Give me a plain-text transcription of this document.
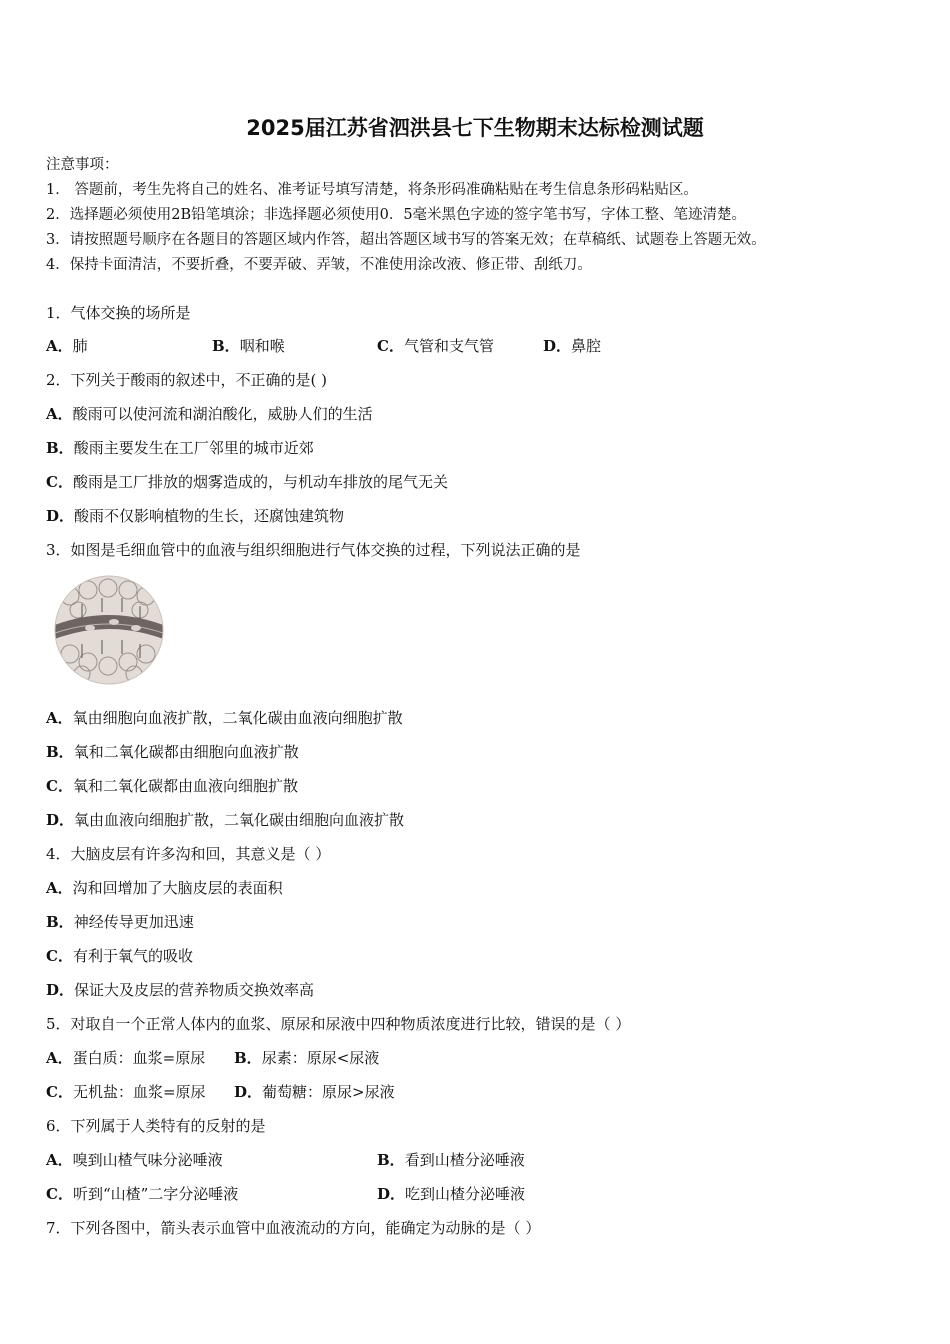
2025届江苏省泗洪县七下生物期末达标检测试题
注意事项：
1． 答题前，考生先将自己的姓名、准考证号填写清楚，将条形码准确粘贴在考生信息条形码粘贴区。
2．选择题必须使用2B铅笔填涂；非选择题必须使用0．5毫米黑色字迹的签字笔书写，字体工整、笔迹清楚。
3．请按照题号顺序在各题目的答题区域内作答，超出答题区域书写的答案无效；在草稿纸、试题卷上答题无效。
4．保持卡面清洁，不要折叠，不要弄破、弄皱，不准使用涂改液、修正带、刮纸刀。
1．气体交换的场所是
A．肺	B．咽和喉	C．气管和支气管	D．鼻腔
2．下列关于酸雨的叙述中，不正确的是( )
A．酸雨可以使河流和湖泊酸化，威胁人们的生活
B．酸雨主要发生在工厂邻里的城市近郊
C．酸雨是工厂排放的烟雾造成的，与机动车排放的尾气无关
D．酸雨不仅影响植物的生长，还腐蚀建筑物
3．如图是毛细血管中的血液与组织细胞进行气体交换的过程，下列说法正确的是
A．氧由细胞向血液扩散，二氧化碳由血液向细胞扩散
B．氧和二氧化碳都由细胞向血液扩散
C．氧和二氧化碳都由血液向细胞扩散
D．氧由血液向细胞扩散，二氧化碳由细胞向血液扩散
4．大脑皮层有许多沟和回，其意义是（ ）
A．沟和回增加了大脑皮层的表面积
B．神经传导更加迅速
C．有利于氧气的吸收
D．保证大及皮层的营养物质交换效率高
5．对取自一个正常人体内的血浆、原尿和尿液中四种物质浓度进行比较，错误的是（ ）
A．蛋白质：血浆=原尿 B．尿素：原尿<尿液
C．无机盐：血浆=原尿 D．葡萄糖：原尿>尿液
6．下列属于人类特有的反射的是
A．嗅到山楂气味分泌唾液	B．看到山楂分泌唾液
C．听到“山楂”二字分泌唾液	D．吃到山楂分泌唾液
7．下列各图中，箭头表示血管中血液流动的方向，能确定为动脉的是（ ）
